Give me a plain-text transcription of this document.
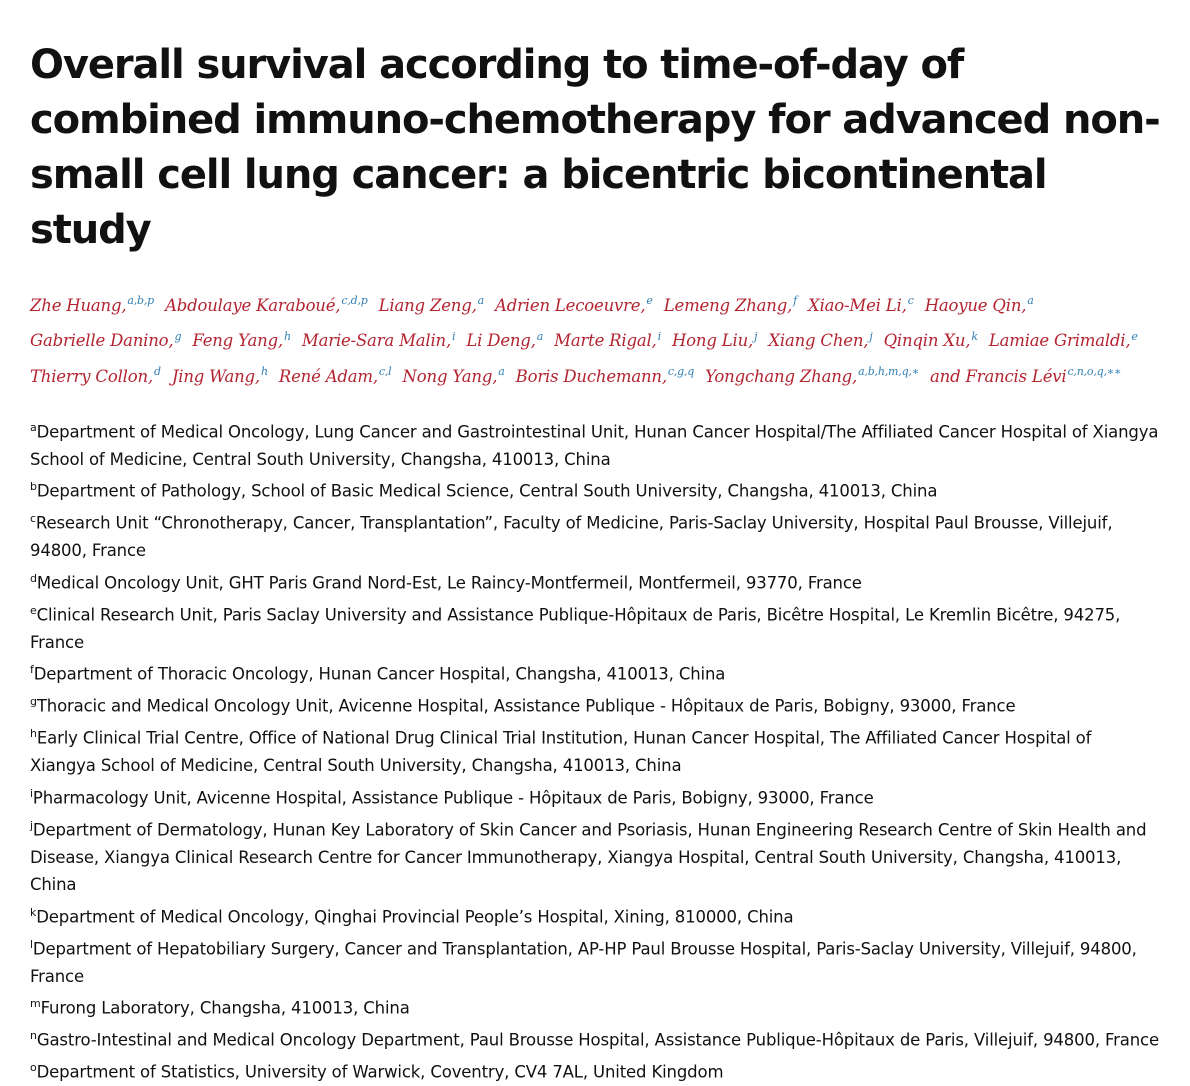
Overall survival according to time-of-day of combined immuno-chemotherapy for advanced non-small cell lung cancer: a bicentric bicontinental study
Zhe Huang,$^{a,b,p}$ Abdoulaye Karaboué,$^{c,d,p}$ Liang Zeng,$^a$ Adrien Lecoeuvre,$^e$ Lemeng Zhang,$^f$ Xiao-Mei Li,$^c$ Haoyue Qin,$^a$ Gabrielle Danino,$^g$ Feng Yang,$^h$ Marie-Sara Malin,$^i$ Li Deng,$^a$ Marte Rigal,$^i$ Hong Liu,$^j$ Xiang Chen,$^j$ Qinqin Xu,$^k$ Lamiae Grimaldi,$^e$ Thierry Collon,$^d$ Jing Wang,$^h$ René Adam,$^{c,l}$ Nong Yang,$^a$ Boris Duchemann,$^{c,g,q}$ Yongchang Zhang,$^{a,b,h,m,q,∗}$ and Francis Lévi$^{c,n,o,q,∗∗}$

$^a$Department of Medical Oncology, Lung Cancer and Gastrointestinal Unit, Hunan Cancer Hospital/The Affiliated Cancer Hospital of Xiangya School of Medicine, Central South University, Changsha, 410013, China

$^b$Department of Pathology, School of Basic Medical Science, Central South University, Changsha, 410013, China

$^c$Research Unit “Chronotherapy, Cancer, Transplantation”, Faculty of Medicine, Paris-Saclay University, Hospital Paul Brousse, Villejuif, 94800, France

$^d$Medical Oncology Unit, GHT Paris Grand Nord-Est, Le Raincy-Montfermeil, Montfermeil, 93770, France

$^e$Clinical Research Unit, Paris Saclay University and Assistance Publique-Hôpitaux de Paris, Bicêtre Hospital, Le Kremlin Bicêtre, 94275, France

$^f$Department of Thoracic Oncology, Hunan Cancer Hospital, Changsha, 410013, China

$^g$Thoracic and Medical Oncology Unit, Avicenne Hospital, Assistance Publique - Hôpitaux de Paris, Bobigny, 93000, France

$^h$Early Clinical Trial Centre, Office of National Drug Clinical Trial Institution, Hunan Cancer Hospital, The Affiliated Cancer Hospital of Xiangya School of Medicine, Central South University, Changsha, 410013, China

$^i$Pharmacology Unit, Avicenne Hospital, Assistance Publique - Hôpitaux de Paris, Bobigny, 93000, France

$^j$Department of Dermatology, Hunan Key Laboratory of Skin Cancer and Psoriasis, Hunan Engineering Research Centre of Skin Health and Disease, Xiangya Clinical Research Centre for Cancer Immunotherapy, Xiangya Hospital, Central South University, Changsha, 410013, China

$^k$Department of Medical Oncology, Qinghai Provincial People’s Hospital, Xining, 810000, China

$^l$Department of Hepatobiliary Surgery, Cancer and Transplantation, AP-HP Paul Brousse Hospital, Paris-Saclay University, Villejuif, 94800, France

$^m$Furong Laboratory, Changsha, 410013, China

$^n$Gastro-Intestinal and Medical Oncology Department, Paul Brousse Hospital, Assistance Publique-Hôpitaux de Paris, Villejuif, 94800, France

$^o$Department of Statistics, University of Warwick, Coventry, CV4 7AL, United Kingdom
